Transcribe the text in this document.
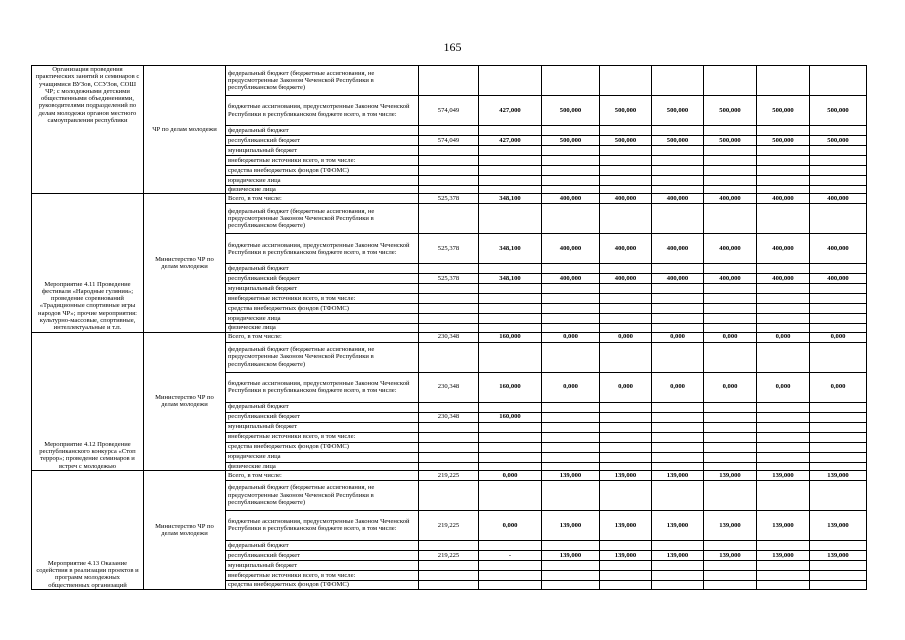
165
Организация проведения практических занятий и семинаров с учащимися ВУЗов, ССУЗов, СОШ ЧР; с молодежными детскими общественными объединениями, руководителями подразделений по делам молодежи органов местного самоуправления республики	ЧР по делам молодежи	федеральный бюджет (бюджетные ассигнования, не предусмотренные Законом Чеченской Республики в республиканском бюджете)								
		бюджетные ассигнования, предусмотренные Законом Чеченской Республики в республиканском бюджете всего, в том числе:	574,049	427,000	500,000	500,000	500,000	500,000	500,000	500,000
		федеральный бюджет								
		республиканский бюджет	574,049	427,000	500,000	500,000	500,000	500,000	500,000	500,000
		муниципальный бюджет								
		внебюджетные источники всего, в том числе:								
		средства внебюджетных фондов (ТФОМС)								
		юридические лица								
		физические лица								
Мероприятие 4.11 Проведение фестиваля «Народные гуляния»; проведение соревнований «Традиционные спортивные игры народов ЧР»; прочие мероприятия: культурно-массовые, спортивные, интеллектуальные и т.п.	Министерство ЧР по делам молодежи	Всего, в том числе:	525,378	348,100	400,000	400,000	400,000	400,000	400,000	400,000
		федеральный бюджет (бюджетные ассигнования, не предусмотренные Законом Чеченской Республики в республиканском бюджете)								
		бюджетные ассигнования, предусмотренные Законом Чеченской Республики в республиканском бюджете всего, в том числе:	525,378	348,100	400,000	400,000	400,000	400,000	400,000	400,000
		федеральный бюджет								
		республиканский бюджет	525,378	348,100	400,000	400,000	400,000	400,000	400,000	400,000
		муниципальный бюджет								
		внебюджетные источники всего, в том числе:								
		средства внебюджетных фондов (ТФОМС)								
		юридические лица								
		физические лица								
Мероприятие 4.12 Проведение республиканского конкурса «Стоп террор»; проведение семинаров и встреч с молодежью	Министерство ЧР по делам молодежи	Всего, в том числе:	230,348	160,000	0,000	0,000	0,000	0,000	0,000	0,000
		федеральный бюджет (бюджетные ассигнования, не предусмотренные Законом Чеченской Республики в республиканском бюджете)								
		бюджетные ассигнования, предусмотренные Законом Чеченской Республики в республиканском бюджете всего, в том числе:	230,348	160,000	0,000	0,000	0,000	0,000	0,000	0,000
		федеральный бюджет								
		республиканский бюджет	230,348	160,000						
		муниципальный бюджет								
		внебюджетные источники всего, в том числе:								
		средства внебюджетных фондов (ТФОМС)								
		юридические лица								
		физические лица								
Мероприятие 4.13 Оказание содействия в реализации проектов и программ молодежных общественных организаций	Министерство ЧР по делам молодежи	Всего, в том числе:	219,225	0,000	139,000	139,000	139,000	139,000	139,000	139,000
		федеральный бюджет (бюджетные ассигнования, не предусмотренные Законом Чеченской Республики в республиканском бюджете)								
		бюджетные ассигнования, предусмотренные Законом Чеченской Республики в республиканском бюджете всего, в том числе:	219,225	0,000	139,000	139,000	139,000	139,000	139,000	139,000
		федеральный бюджет								
		республиканский бюджет	219,225	-	139,000	139,000	139,000	139,000	139,000	139,000
		муниципальный бюджет								
		внебюджетные источники всего, в том числе:								
		средства внебюджетных фондов (ТФОМС)								
